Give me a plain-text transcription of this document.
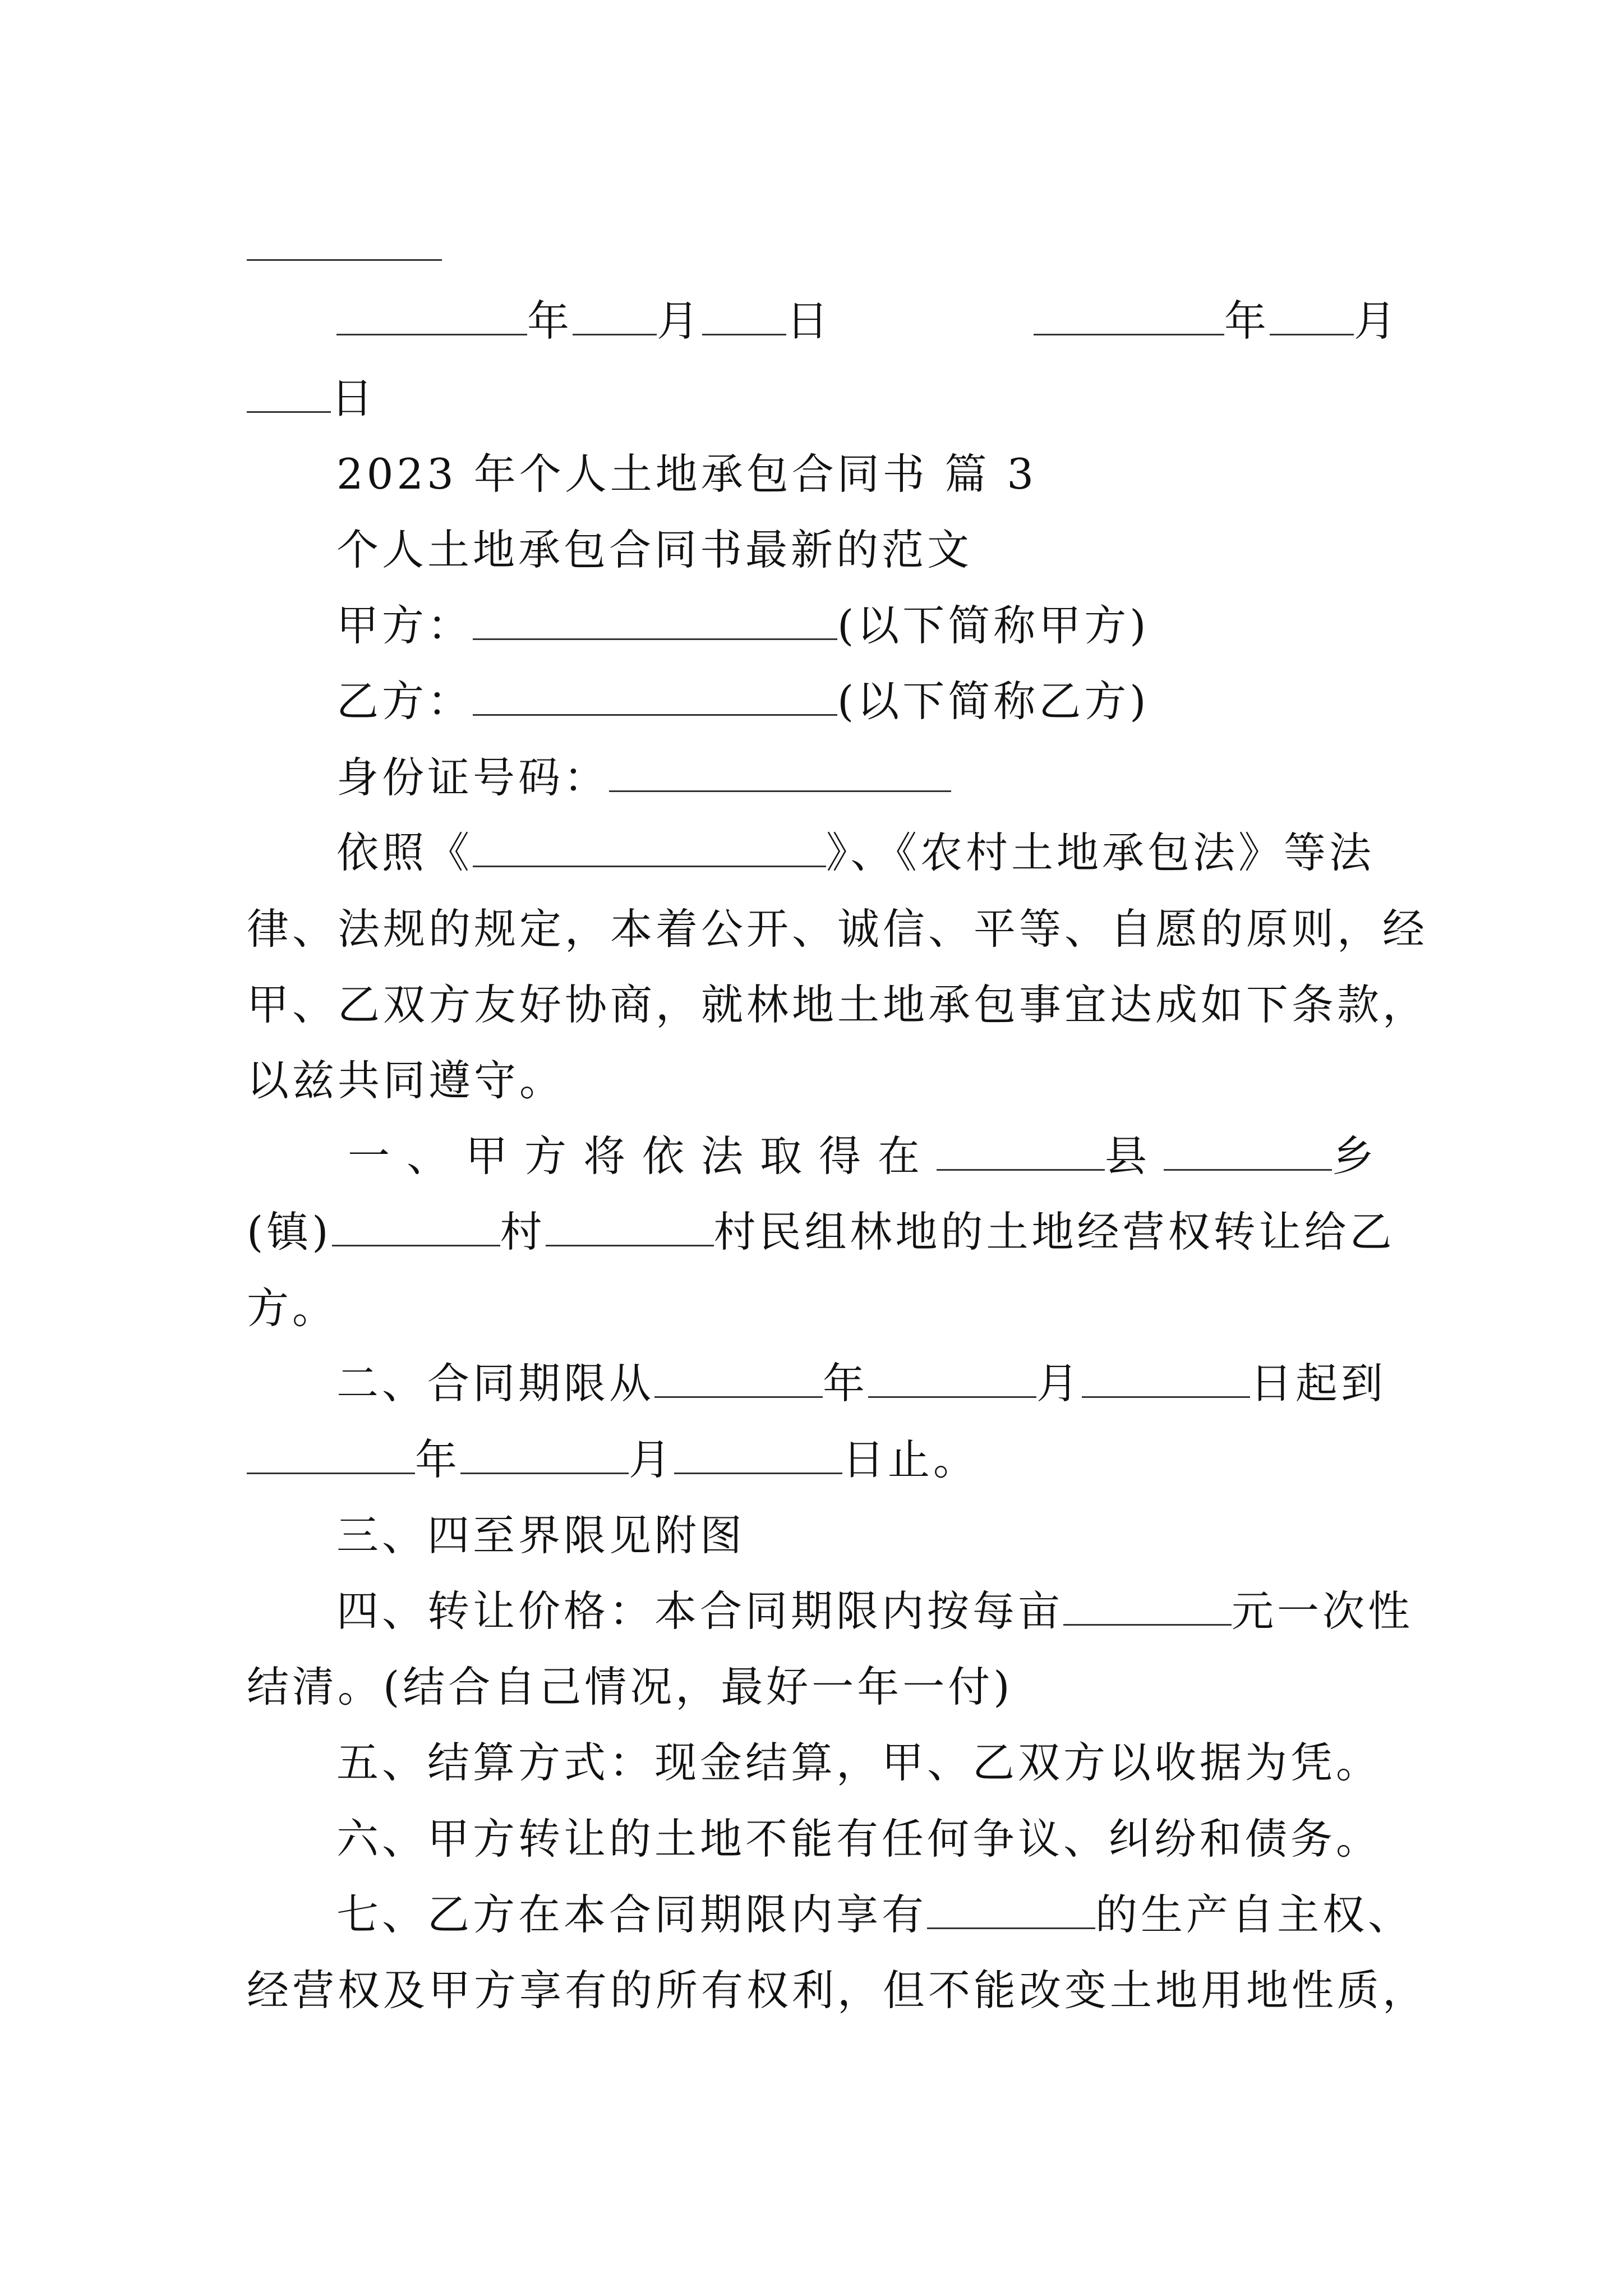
年 月 日	年 月
日
2023 年个人土地承包合同书 篇 3
个人土地承包合同书最新的范文
甲方：	(以下简称甲方)
乙方：	(以下简称乙方)
身份证号码：
依照《	》、《农村土地承包法》等法
律、法规的规定，本着公开、诚信、平等、自愿的原则，经
甲、乙双方友好协商，就林地土地承包事宜达成如下条款，
以兹共同遵守。
一、甲方将依法取得在	县	乡
(镇)	村	村民组林地的土地经营权转让给乙
方。
二、合同期限从	年	月	日起到
年	月	日止。
三、四至界限见附图
四、转让价格：本合同期限内按每亩	元一次性
结清。(结合自己情况，最好一年一付)
五、结算方式：现金结算，甲、乙双方以收据为凭。
六、甲方转让的土地不能有任何争议、纠纷和债务。
七、乙方在本合同期限内享有	的生产自主权、
经营权及甲方享有的所有权利，但不能改变土地用地性质，
